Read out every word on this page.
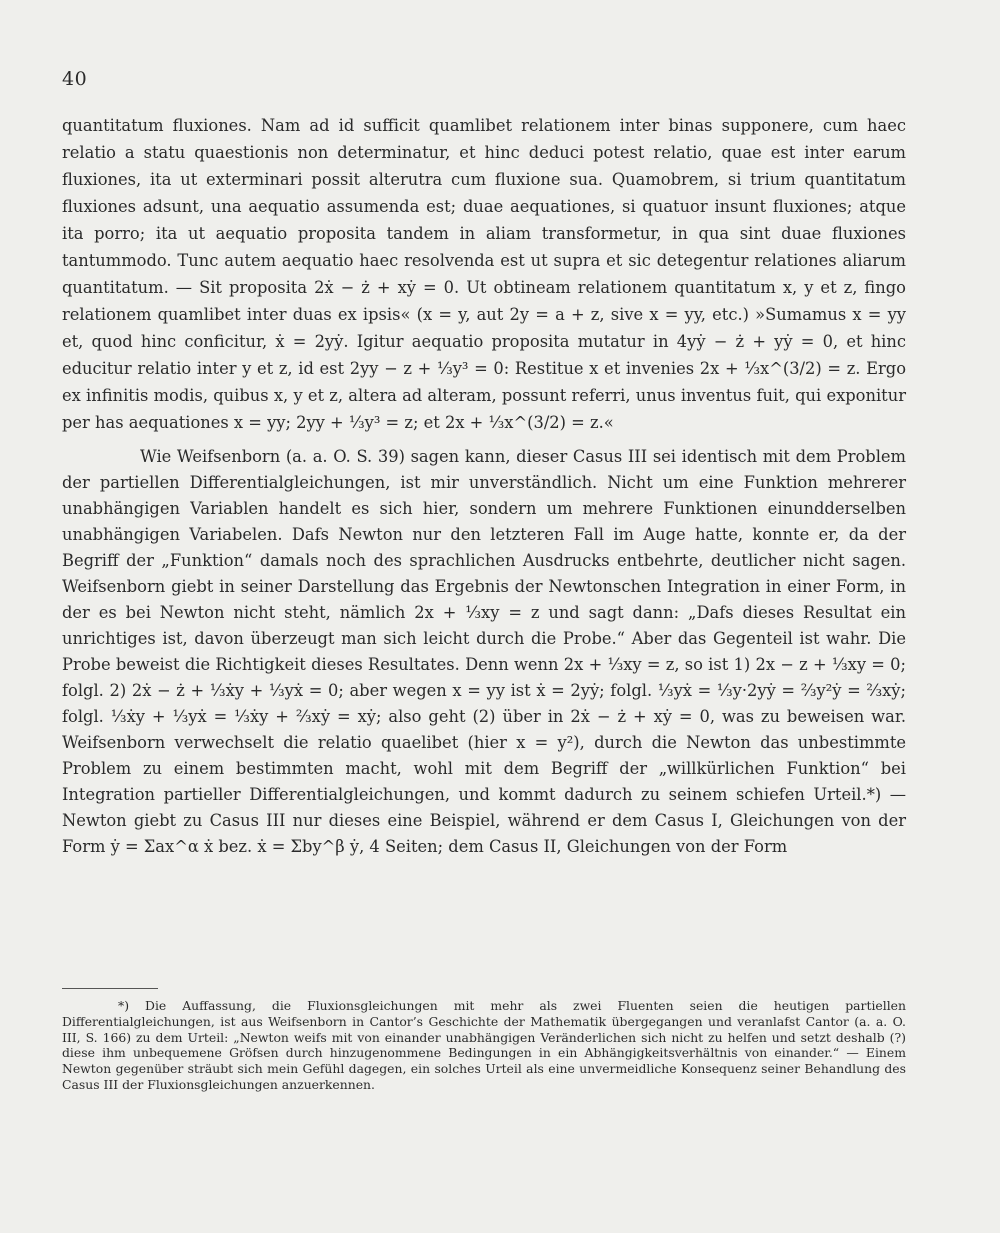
40

quantitatum fluxiones. Nam ad id sufficit quamlibet relationem inter binas supponere, cum haec relatio a statu quaestionis non determinatur, et hinc deduci potest relatio, quae est inter earum fluxiones, ita ut exterminari possit alterutra cum fluxione sua. Quamobrem, si trium quantitatum fluxiones adsunt, una aequatio assumenda est; duae aequationes, si quatuor insunt fluxiones; atque ita porro; ita ut aequatio proposita tandem in aliam transformetur, in qua sint duae fluxiones tantummodo. Tunc autem aequatio haec resolvenda est ut supra et sic detegentur relationes aliarum quantitatum. — Sit proposita 2ẋ − ż + xẏ = 0. Ut obtineam relationem quantitatum x, y et z, fingo relationem quamlibet inter duas ex ipsis« (x = y, aut 2y = a + z, sive x = yy, etc.) »Sumamus x = yy et, quod hinc conficitur, ẋ = 2yẏ. Igitur aequatio proposita mutatur in 4yẏ − ż + yẏ = 0, et hinc educitur relatio inter y et z, id est 2yy − z + ⅓y³ = 0: Restitue x et invenies 2x + ⅓x^(3/2) = z. Ergo ex infinitis modis, quibus x, y et z, altera ad alteram, possunt referri, unus inventus fuit, qui exponitur per has aequationes x = yy; 2yy + ⅓y³ = z; et 2x + ⅓x^(3/2) = z.«

Wie Weifsenborn (a. a. O. S. 39) sagen kann, dieser Casus III sei identisch mit dem Problem der partiellen Differentialgleichungen, ist mir unverständlich. Nicht um eine Funktion mehrerer unabhängigen Variablen handelt es sich hier, sondern um mehrere Funktionen einundderselben unabhängigen Variabelen. Dafs Newton nur den letzteren Fall im Auge hatte, konnte er, da der Begriff der „Funktion“ damals noch des sprachlichen Ausdrucks entbehrte, deutlicher nicht sagen. Weifsenborn giebt in seiner Darstellung das Ergebnis der Newtonschen Integration in einer Form, in der es bei Newton nicht steht, nämlich 2x + ⅓xy = z und sagt dann: „Dafs dieses Resultat ein unrichtiges ist, davon überzeugt man sich leicht durch die Probe.“ Aber das Gegenteil ist wahr. Die Probe beweist die Richtigkeit dieses Resultates. Denn wenn 2x + ⅓xy = z, so ist 1) 2x − z + ⅓xy = 0; folgl. 2) 2ẋ − ż + ⅓ẋy + ⅓yẋ = 0; aber wegen x = yy ist ẋ = 2yẏ; folgl. ⅓yẋ = ⅓y·2yẏ = ⅔y²ẏ = ⅔xẏ; folgl. ⅓ẋy + ⅓yẋ = ⅓ẋy + ⅔xẏ = xẏ; also geht (2) über in 2ẋ − ż + xẏ = 0, was zu beweisen war. Weifsenborn verwechselt die relatio quaelibet (hier x = y²), durch die Newton das unbestimmte Problem zu einem bestimmten macht, wohl mit dem Begriff der „willkürlichen Funktion“ bei Integration partieller Differentialgleichungen, und kommt dadurch zu seinem schiefen Urteil.*) — Newton giebt zu Casus III nur dieses eine Beispiel, während er dem Casus I, Gleichungen von der Form ẏ = Σax^α ẋ bez. ẋ = Σby^β ẏ, 4 Seiten; dem Casus II, Gleichungen von der Form

*) Die Auffassung, die Fluxionsgleichungen mit mehr als zwei Fluenten seien die heutigen partiellen Differentialgleichungen, ist aus Weifsenborn in Cantor’s Geschichte der Mathematik übergegangen und veranlafst Cantor (a. a. O. III, S. 166) zu dem Urteil: „Newton weifs mit von einander unabhängigen Veränderlichen sich nicht zu helfen und setzt deshalb (?) diese ihm unbequemene Gröfsen durch hinzugenommene Bedingungen in ein Abhängigkeitsverhältnis von einander.“ — Einem Newton gegenüber sträubt sich mein Gefühl dagegen, ein solches Urteil als eine unvermeidliche Konsequenz seiner Behandlung des Casus III der Fluxionsgleichungen anzuerkennen.
